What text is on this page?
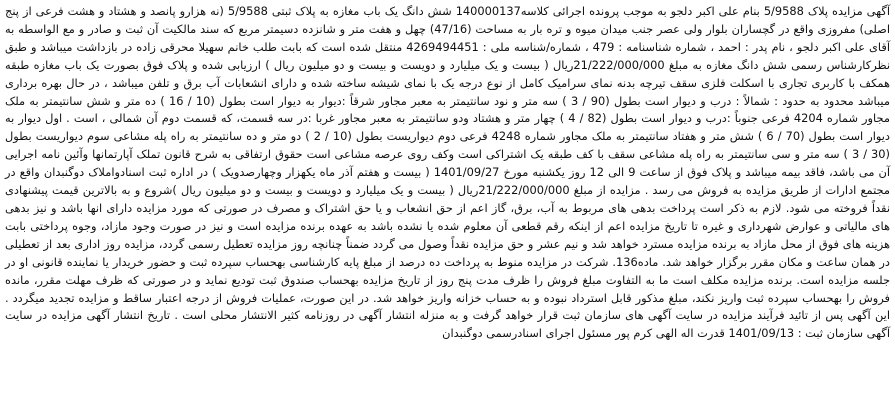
آگهی مزایده پلاک 5/9588 بنام علی اکبر دلجو به موجب پرونده اجرائی کلاسه140000137 شش دانگ یک باب مغازه به پلاک ثبتی 5/9588 (نه هزارو پانصد و هشتاد و هشت فرعی از پنج اصلی) مفروزی واقع در گچساران بلوار ولی عصر جنب میدان میوه و تره بار به مساحت (47/16) چهل و هفت متر و شانزده دسیمتر مربع که سند مالکیت آن ثبت و صادر و مع الواسطه به آقای علی اکبر دلجو ، نام پدر : احمد ، شماره شناسنامه : 479 ، شماره/شناسه ملی : 4269494451 منتقل شده است که بابت طلب خانم سهیلا محرقی زاده در بازداشت میباشد و طبق نظرکارشناس رسمی شش دانگ مغازه به مبلغ 21/222/000/000ریال ( بیست و یک میلیارد و دویست و بیست و دو میلیون ریال ) ارزیابی شده و پلاک فوق بصورت یک باب مغازه طبقه همکف با کاربری تجاری با اسکلت فلزی سقف تیرچه بدنه نمای سرامیک کامل از نوع درجه یک با نمای شیشه ساخته شده و دارای انشعابات آب برق و تلفن میباشد ، در حال بهره برداری میباشد محدود به حدود : شمالاً : درب و دیوار است بطول (90 / 3 ) سه متر و نود سانتیمتر به معبر مجاور شرقاً :دیوار به دیوار است بطول (10 / 16 ) ده متر و شش سانتیمتر به ملک مجاور شماره 4204 فرعی جنوباً :درب و دیوار است بطول (82 / 4 ) چهار متر و هشتاد ودو سانتیمتر به معبر مجاور غربا :در سه قسمت، که قسمت دوم آن شمالی ، است . اول دیوار به دیوار است بطول (70 / 6 ) شش متر و هفتاد سانتیمتر به ملک مجاور شماره 4248 فرعی دوم دیواریست بطول (10 / 2 ) دو متر و ده سانتیمتر به راه پله مشاعی سوم دیواریست بطول (30 / 3 ) سه متر و سی سانتیمتر به راه پله مشاعی سقف با کف طبقه یک اشتراکی است وکف روی عرصه مشاعی است حقوق ارتفاقی به شرح قانون تملک آپارتمانها وآئین نامه اجرایی آن می باشد، فاقد بیمه میباشد و پلاک فوق از ساعت 9 الی 12 روز یکشنبه مورخ 1401/09/27 ( بیست و هفتم آذر ماه یکهزار وچهارصدویک ) در اداره ثبت اسنادواملاک دوگنبدان واقع در مجتمع ادارات از طریق مزایده به فروش می رسد . مزایده از مبلغ 21/222/000/000ریال ( بیست و یک میلیارد و دویست و بیست و دو میلیون ریال )شروع و به بالاترین قیمت پیشنهادی نقداً فروخته می شود. لازم به ذکر است پرداخت بدهی های مربوط به آب، برق، گاز اعم از حق انشعاب و یا حق اشتراک و مصرف در صورتی که مورد مزایده دارای انها باشد و نیز بدهی های مالیاتی و عوارض شهرداری و غیره تا تاریخ مزایده اعم از اینکه رقم قطعی آن معلوم شده یا نشده باشد به عهده برنده مزایده است و نیز در صورت وجود مازاد، وجوه پرداختی بابت هزینه های فوق از محل مازاد به برنده مزایده مسترد خواهد شد و نیم عشر و حق مزایده نقداً وصول می گردد ضمناً چنانچه روز مزایده تعطیل رسمی گردد، مزایده روز اداری بعد از تعطیلی در همان ساعت و مکان مقرر برگزار خواهد شد. ماده136. شرکت در مزایده منوط به پرداخت ده درصد از مبلغ پایه کارشناسی بهحساب سپرده ثبت و حضور خریدار یا نماینده قانونی او در جلسه مزایده است. برنده مزایده مکلف است ما به التفاوت مبلغ فروش را ظرف مدت پنج روز از تاریخ مزایده بهحساب صندوق ثبت تودیع نماید و در صورتی که ظرف مهلت مقرر، مانده فروش را بهحساب سپرده ثبت واریز نکند، مبلغ مذکور قابل استرداد نبوده و به حساب خزانه واریز خواهد شد. در این صورت، عملیات فروش از درجه اعتبار ساقط و مزایده تجدید میگردد . این آگهی پس از تائید فرآیند مزایده در سایت آگهی های سازمان ثبت قرار خواهد گرفت و به منزله انتشار آگهی در روزنامه کثیر الانتشار محلی است . تاریخ انتشار آگهی مزایده در سایت آگهی سازمان ثبت : 1401/09/13 قدرت اله الهی کرم پور مسئول اجرای اسنادرسمی دوگنبدان
